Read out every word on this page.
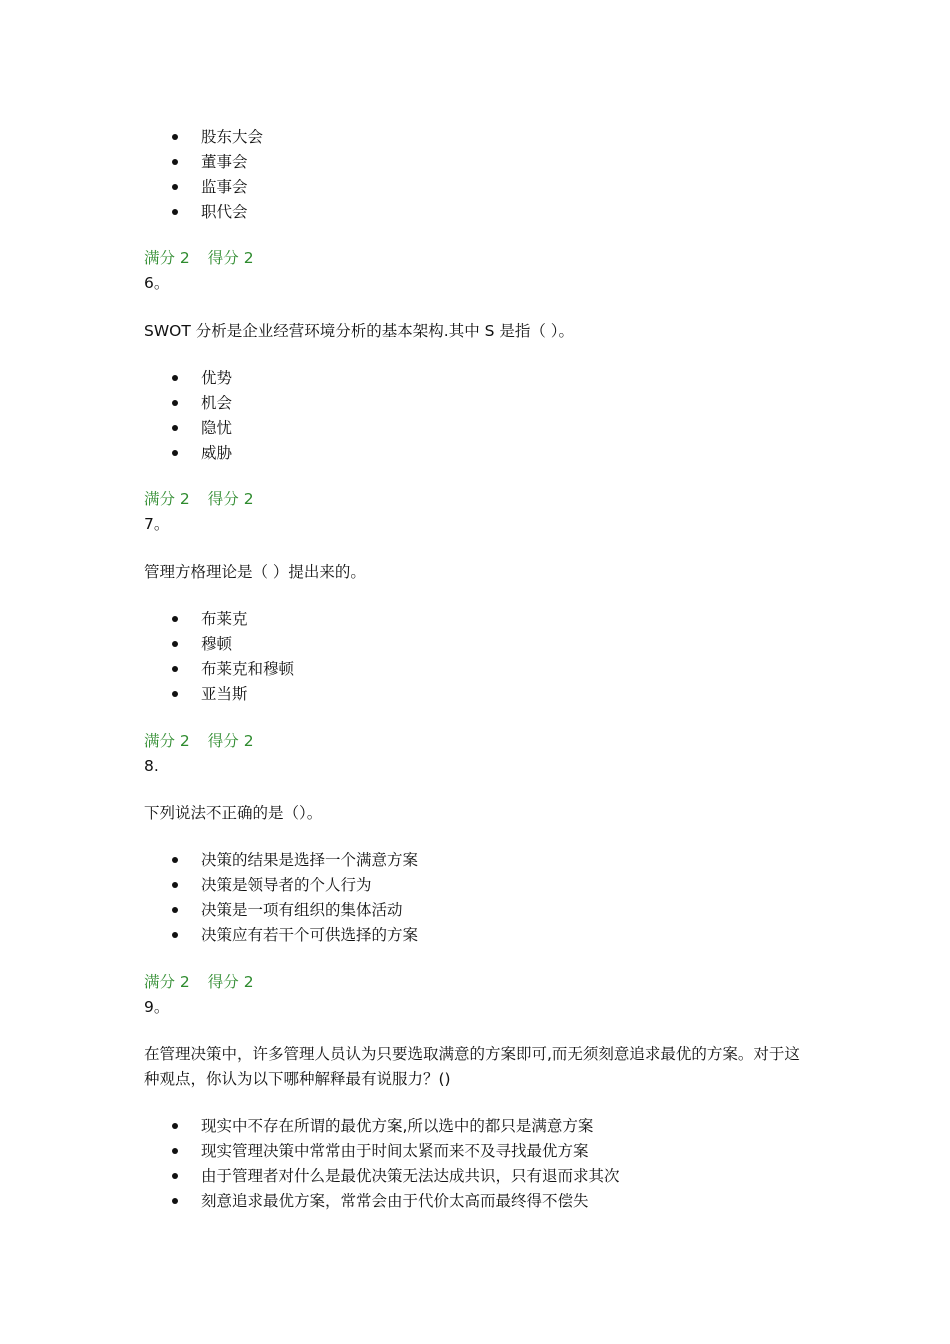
股东大会
董事会
监事会
职代会
满分 2 得分 2
6。
SWOT 分析是企业经营环境分析的基本架构.其中 S 是指（ ）。
优势
机会
隐忧
威胁
满分 2 得分 2
7。
管理方格理论是（ ）提出来的。
布莱克
穆顿
布莱克和穆顿
亚当斯
满分 2 得分 2
8.
下列说法不正确的是（）。
决策的结果是选择一个满意方案
决策是领导者的个人行为
决策是一项有组织的集体活动
决策应有若干个可供选择的方案
满分 2 得分 2
9。
在管理决策中，许多管理人员认为只要选取满意的方案即可,而无须刻意追求最优的方案。对于这种观点，你认为以下哪种解释最有说服力？()
现实中不存在所谓的最优方案,所以选中的都只是满意方案
现实管理决策中常常由于时间太紧而来不及寻找最优方案
由于管理者对什么是最优决策无法达成共识，只有退而求其次
刻意追求最优方案，常常会由于代价太高而最终得不偿失
